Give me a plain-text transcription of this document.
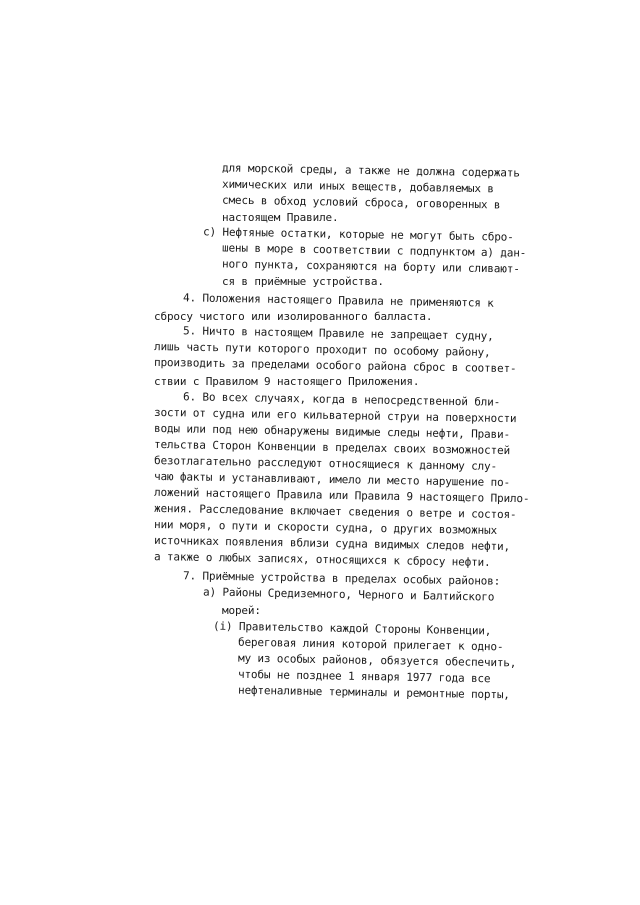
для морской среды, а также не должна содержать
химических или иных веществ, добавляемых в
смесь в обход условий сброса, оговоренных в
настоящем Правиле.
с) Нефтяные остатки, которые не могут быть сбро-
шены в море в соответствии с подпунктом а) дан-
ного пункта, сохраняются на борту или сливают-
ся в приёмные устройства.
4. Положения настоящего Правила не применяются к
сбросу чистого или изолированного балласта.
5. Ничто в настоящем Правиле не запрещает судну,
лишь часть пути которого проходит по особому району,
производить за пределами особого района сброс в соответ-
ствии с Правилом 9 настоящего Приложения.
6. Во всех случаях, когда в непосредственной бли-
зости от судна или его кильватерной струи на поверхности
воды или под нею обнаружены видимые следы нефти, Прави-
тельства Сторон Конвенции в пределах своих возможностей
безотлагательно расследуют относящиеся к данному слу-
чаю факты и устанавливают, имело ли место нарушение по-
ложений настоящего Правила или Правила 9 настоящего Прило-
жения. Расследование включает сведения о ветре и состоя-
нии моря, о пути и скорости судна, о других возможных
источниках появления вблизи судна видимых следов нефти,
а также о любых записях, относящихся к сбросу нефти.
7. Приёмные устройства в пределах особых районов:
а) Районы Средиземного, Черного и Балтийского
морей:
(i) Правительство каждой Стороны Конвенции,
береговая линия которой прилегает к одно-
му из особых районов, обязуется обеспечить,
чтобы не позднее 1 января 1977 года все
нефтеналивные терминалы и ремонтные порты,
